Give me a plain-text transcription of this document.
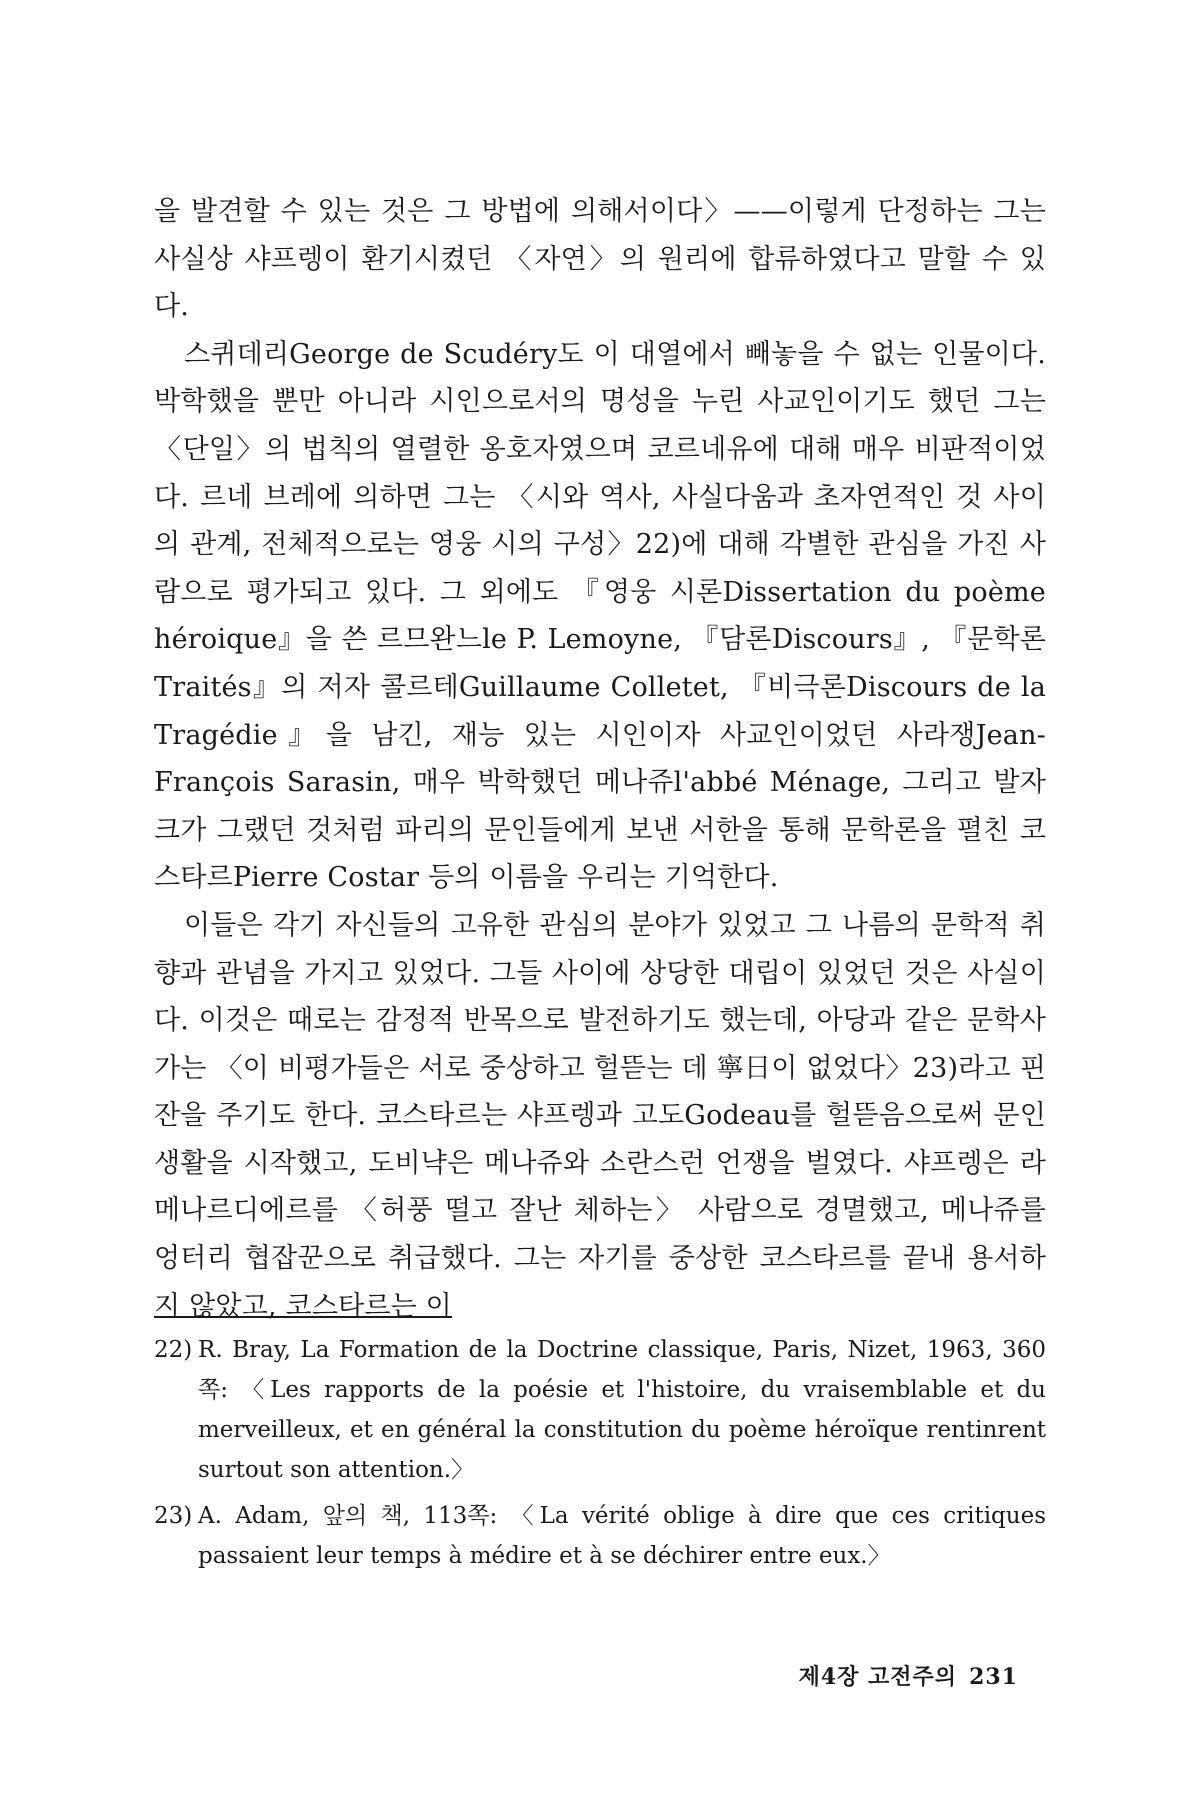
을 발견할 수 있는 것은 그 방법에 의해서이다〉——이렇게 단정하는 그는 사실상 샤프렝이 환기시켰던 〈자연〉의 원리에 합류하였다고 말할 수 있다.

스퀴데리George de Scudéry도 이 대열에서 빼놓을 수 없는 인물이다. 박학했을 뿐만 아니라 시인으로서의 명성을 누린 사교인이기도 했던 그는 〈단일〉의 법칙의 열렬한 옹호자였으며 코르네유에 대해 매우 비판적이었다. 르네 브레에 의하면 그는 〈시와 역사, 사실다움과 초자연적인 것 사이의 관계, 전체적으로는 영웅 시의 구성〉22)에 대해 각별한 관심을 가진 사람으로 평가되고 있다. 그 외에도 『영웅 시론Dissertation du poème héroique』을 쓴 르므완느le P. Lemoyne, 『담론Discours』, 『문학론Traités』의 저자 콜르테Guillaume Colletet, 『비극론Discours de la Tragédie』을 남긴, 재능 있는 시인이자 사교인이었던 사라쟁Jean-François Sarasin, 매우 박학했던 메나쥬l'abbé Ménage, 그리고 발자크가 그랬던 것처럼 파리의 문인들에게 보낸 서한을 통해 문학론을 펼친 코스타르Pierre Costar 등의 이름을 우리는 기억한다.

이들은 각기 자신들의 고유한 관심의 분야가 있었고 그 나름의 문학적 취향과 관념을 가지고 있었다. 그들 사이에 상당한 대립이 있었던 것은 사실이다. 이것은 때로는 감정적 반목으로 발전하기도 했는데, 아당과 같은 문학사가는 〈이 비평가들은 서로 중상하고 헐뜯는 데 寧日이 없었다〉23)라고 핀잔을 주기도 한다. 코스타르는 샤프렝과 고도Godeau를 헐뜯음으로써 문인생활을 시작했고, 도비냑은 메나쥬와 소란스런 언쟁을 벌였다. 샤프렝은 라 메나르디에르를 〈허풍 떨고 잘난 체하는〉 사람으로 경멸했고, 메나쥬를 엉터리 협잡꾼으로 취급했다. 그는 자기를 중상한 코스타르를 끝내 용서하지 않았고, 코스타르는 이

22) R. Bray, La Formation de la Doctrine classique, Paris, Nizet, 1963, 360쪽: 〈Les rapports de la poésie et l'histoire, du vraisemblable et du merveilleux, et en général la constitution du poème héroïque rentinrent surtout son attention.〉
23) A. Adam, 앞의 책, 113쪽: 〈La vérité oblige à dire que ces critiques passaient leur temps à médire et à se déchirer entre eux.〉
제4장 고전주의 231
